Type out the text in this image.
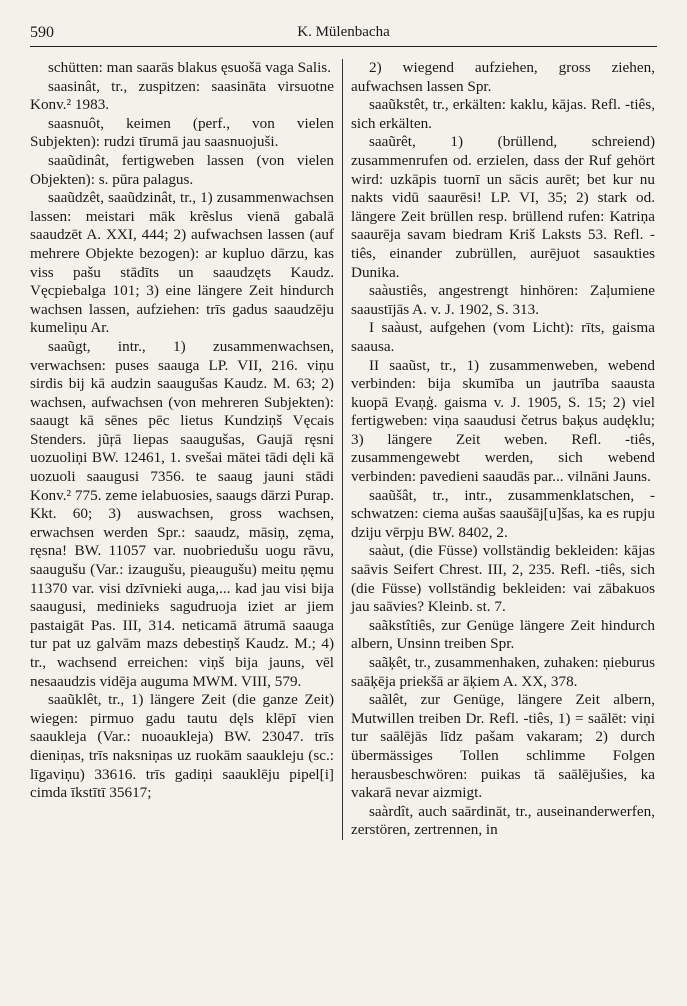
590	K. Mülenbacha

schütten: man saarās blakus ęsuošā vaga Salis.

saasinât, tr., zuspitzen: saasināta virsuotne Konv.² 1983.

saasnuôt, keimen (perf., von vielen Subjekten): rudzi tīrumā jau saasnuojuši.

saaũdinât, fertigweben lassen (von vielen Objekten): s. pūra palagus.

saaũdzêt, saaũdzinât, tr., 1) zusammenwachsen lassen: meistari māk krẽslus vienā gabalā saaudzēt A. XXI, 444; 2) aufwachsen lassen (auf mehrere Objekte bezogen): ar kupluo dārzu, kas viss pašu stādīts un saaudzęts Kaudz. Vęcpiebalga 101; 3) eine längere Zeit hindurch wachsen lassen, aufziehen: trīs gadus saaudzēju kumeliņu Ar.

saaũgt, intr., 1) zusammenwachsen, verwachsen: puses saauga LP. VII, 216. viņu sirdis bij kā audzin saaugušas Kaudz. M. 63; 2) wachsen, aufwachsen (von mehreren Subjekten): saaugt kā sēnes pēc lietus Kundziņš Vęcais Stenders. jũŗā liepas saaugušas, Gaujā ręsni uozuoliņi BW. 12461, 1. svešai mātei tādi dęli kā uozuoli saaugusi 7356. te saaug jauni stādi Konv.² 775. zeme ielabuosies, saaugs dārzi Purap. Kkt. 60; 3) auswachsen, gross wachsen, erwachsen werden Spr.: saaudz, māsiņ, zęma, ręsna! BW. 11057 var. nuobriedušu uogu rāvu, saaugušu (Var.: izaugušu, pieaugušu) meitu ņęmu 11370 var. visi dzīvnieki auga,... kad jau visi bija saaugusi, medinieks sagudruoja iziet ar jiem pastaigāt Pas. III, 314. neticamā ātrumā saauga tur pat uz galvām mazs debestiņš Kaudz. M.; 4) tr., wachsend erreichen: viņš bija jauns, vēl nesaaudzis vidēja auguma MWM. VIII, 579.

saaũklêt, tr., 1) längere Zeit (die ganze Zeit) wiegen: pirmuo gadu tautu dęls klēpī vien saaukleja (Var.: nuoaukleja) BW. 23047. trīs dieniņas, trīs naksniņas uz ruokām saaukleju (sc.: līgaviņu) 33616. trīs gadiņi saauklēju pipel[i] cimda īkstītī 35617;

2) wiegend aufziehen, gross ziehen, aufwachsen lassen Spr.

saaũkstêt, tr., erkälten: kaklu, kājas. Refl. -tiês, sich erkälten.

saaũrêt, 1) (brüllend, schreiend) zusammenrufen od. erzielen, dass der Ruf gehört wird: uzkāpis tuornī un sācis aurēt; bet kur nu nakts vidū saaurēsi! LP. VI, 35; 2) stark od. längere Zeit brüllen resp. brüllend rufen: Katriņa saaurēja savam biedram Kriš Laksts 53. Refl. -tiês, einander zubrüllen, aurējuot sasaukties Dunika.

saàustiês, angestrengt hinhören: Zaļumiene saaustījās A. v. J. 1902, S. 313.

I saàust, aufgehen (vom Licht): rīts, gaisma saausa.

II saaũst, tr., 1) zusammenweben, webend verbinden: bija skumība un jautrība saausta kuopā Evaņģ. gaisma v. J. 1905, S. 15; 2) viel fertigweben: viņa saaudusi četrus baķus audęklu; 3) längere Zeit weben. Refl. -tiês, zusammengewebt werden, sich webend verbinden: pavedieni saaudās par... vilnāni Jauns.

saaũšât, tr., intr., zusammenklatschen, -schwatzen: ciema aušas saaušāj[u]šas, ka es rupju dziju vērpju BW. 8402, 2.

saàut, (die Füsse) vollständig bekleiden: kājas saāvis Seifert Chrest. III, 2, 235. Refl. -tiês, sich (die Füsse) vollständig bekleiden: vai zābakuos jau saāvies? Kleinb. st. 7.

saãkstîtiês, zur Genüge längere Zeit hindurch albern, Unsinn treiben Spr.

saãķêt, tr., zusammenhaken, zuhaken: ņieburus saāķēja priekšā ar āķiem A. XX, 378.

saãlêt, zur Genüge, längere Zeit albern, Mutwillen treiben Dr. Refl. -tiês, 1) = saālēt: viņi tur saālējās līdz pašam vakaram; 2) durch übermässiges Tollen schlimme Folgen herausbeschwören: puikas tā saālējušies, ka vakarā nevar aizmigt.

saàrdît, auch saārdināt, tr., auseinanderwerfen, zerstören, zertrennen, in
